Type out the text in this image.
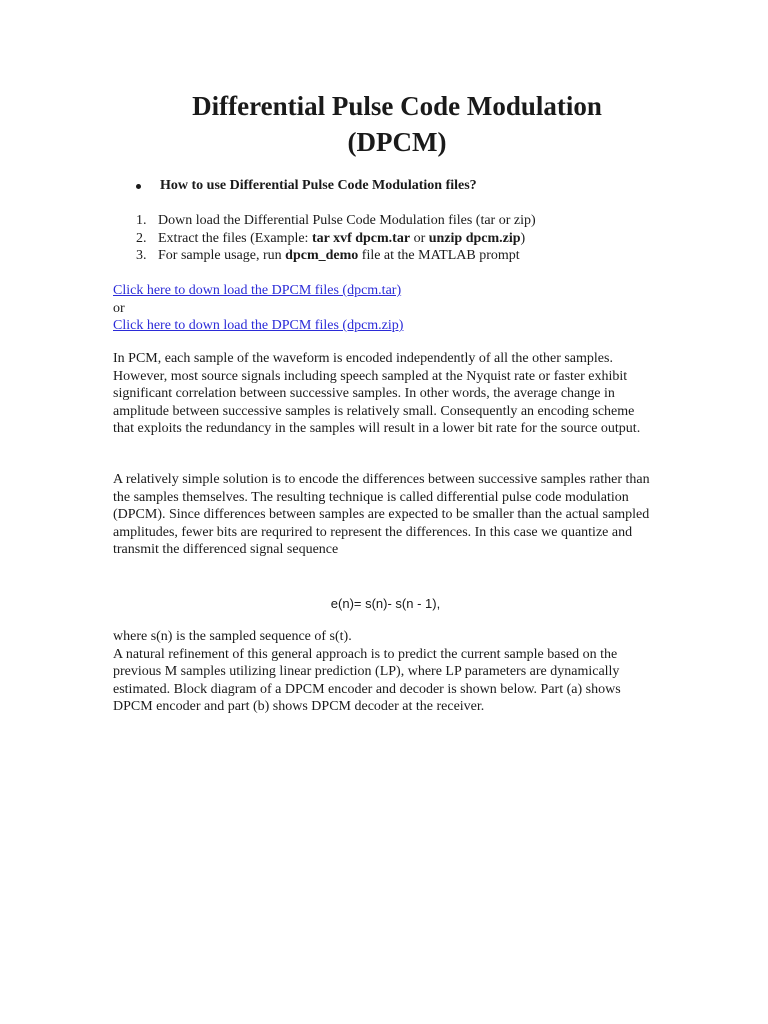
Differential Pulse Code Modulation
(DPCM)
How to use Differential Pulse Code Modulation files?
1. Down load the Differential Pulse Code Modulation files (tar or zip)
2. Extract the files (Example: tar xvf dpcm.tar or unzip dpcm.zip)
3. For sample usage, run dpcm_demo file at the MATLAB prompt
Click here to down load the DPCM files (dpcm.tar)
or
Click here to down load the DPCM files (dpcm.zip)

In PCM, each sample of the waveform is encoded independently of all the other samples. However, most source signals including speech sampled at the Nyquist rate or faster exhibit significant correlation between successive samples. In other words, the average change in amplitude between successive samples is relatively small. Consequently an encoding scheme that exploits the redundancy in the samples will result in a lower bit rate for the source output.

A relatively simple solution is to encode the differences between successive samples rather than the samples themselves. The resulting technique is called differential pulse code modulation (DPCM). Since differences between samples are expected to be smaller than the actual sampled amplitudes, fewer bits are requrired to represent the differences. In this case we quantize and transmit the differenced signal sequence

e(n)= s(n)- s(n - 1),
where s(n) is the sampled sequence of s(t).
A natural refinement of this general approach is to predict the current sample based on the previous M samples utilizing linear prediction (LP), where LP parameters are dynamically estimated. Block diagram of a DPCM encoder and decoder is shown below. Part (a) shows DPCM encoder and part (b) shows DPCM decoder at the receiver.
